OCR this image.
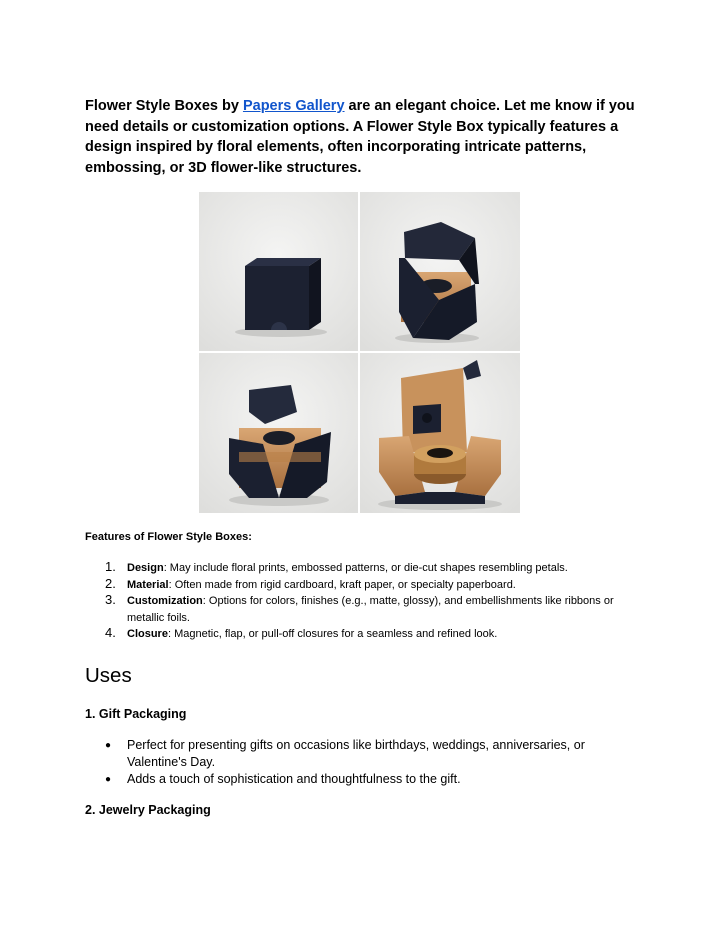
Flower Style Boxes by Papers Gallery are an elegant choice. Let me know if you need details or customization options. A Flower Style Box typically features a design inspired by floral elements, often incorporating intricate patterns, embossing, or 3D flower-like structures.

Features of Flower Style Boxes:

1. Design: May include floral prints, embossed patterns, or die-cut shapes resembling petals.
2. Material: Often made from rigid cardboard, kraft paper, or specialty paperboard.
3. Customization: Options for colors, finishes (e.g., matte, glossy), and embellishments like ribbons or metallic foils.
4. Closure: Magnetic, flap, or pull-off closures for a seamless and refined look.
Uses

1. Gift Packaging

● Perfect for presenting gifts on occasions like birthdays, weddings, anniversaries, or Valentine's Day.
● Adds a touch of sophistication and thoughtfulness to the gift.

2. Jewelry Packaging
